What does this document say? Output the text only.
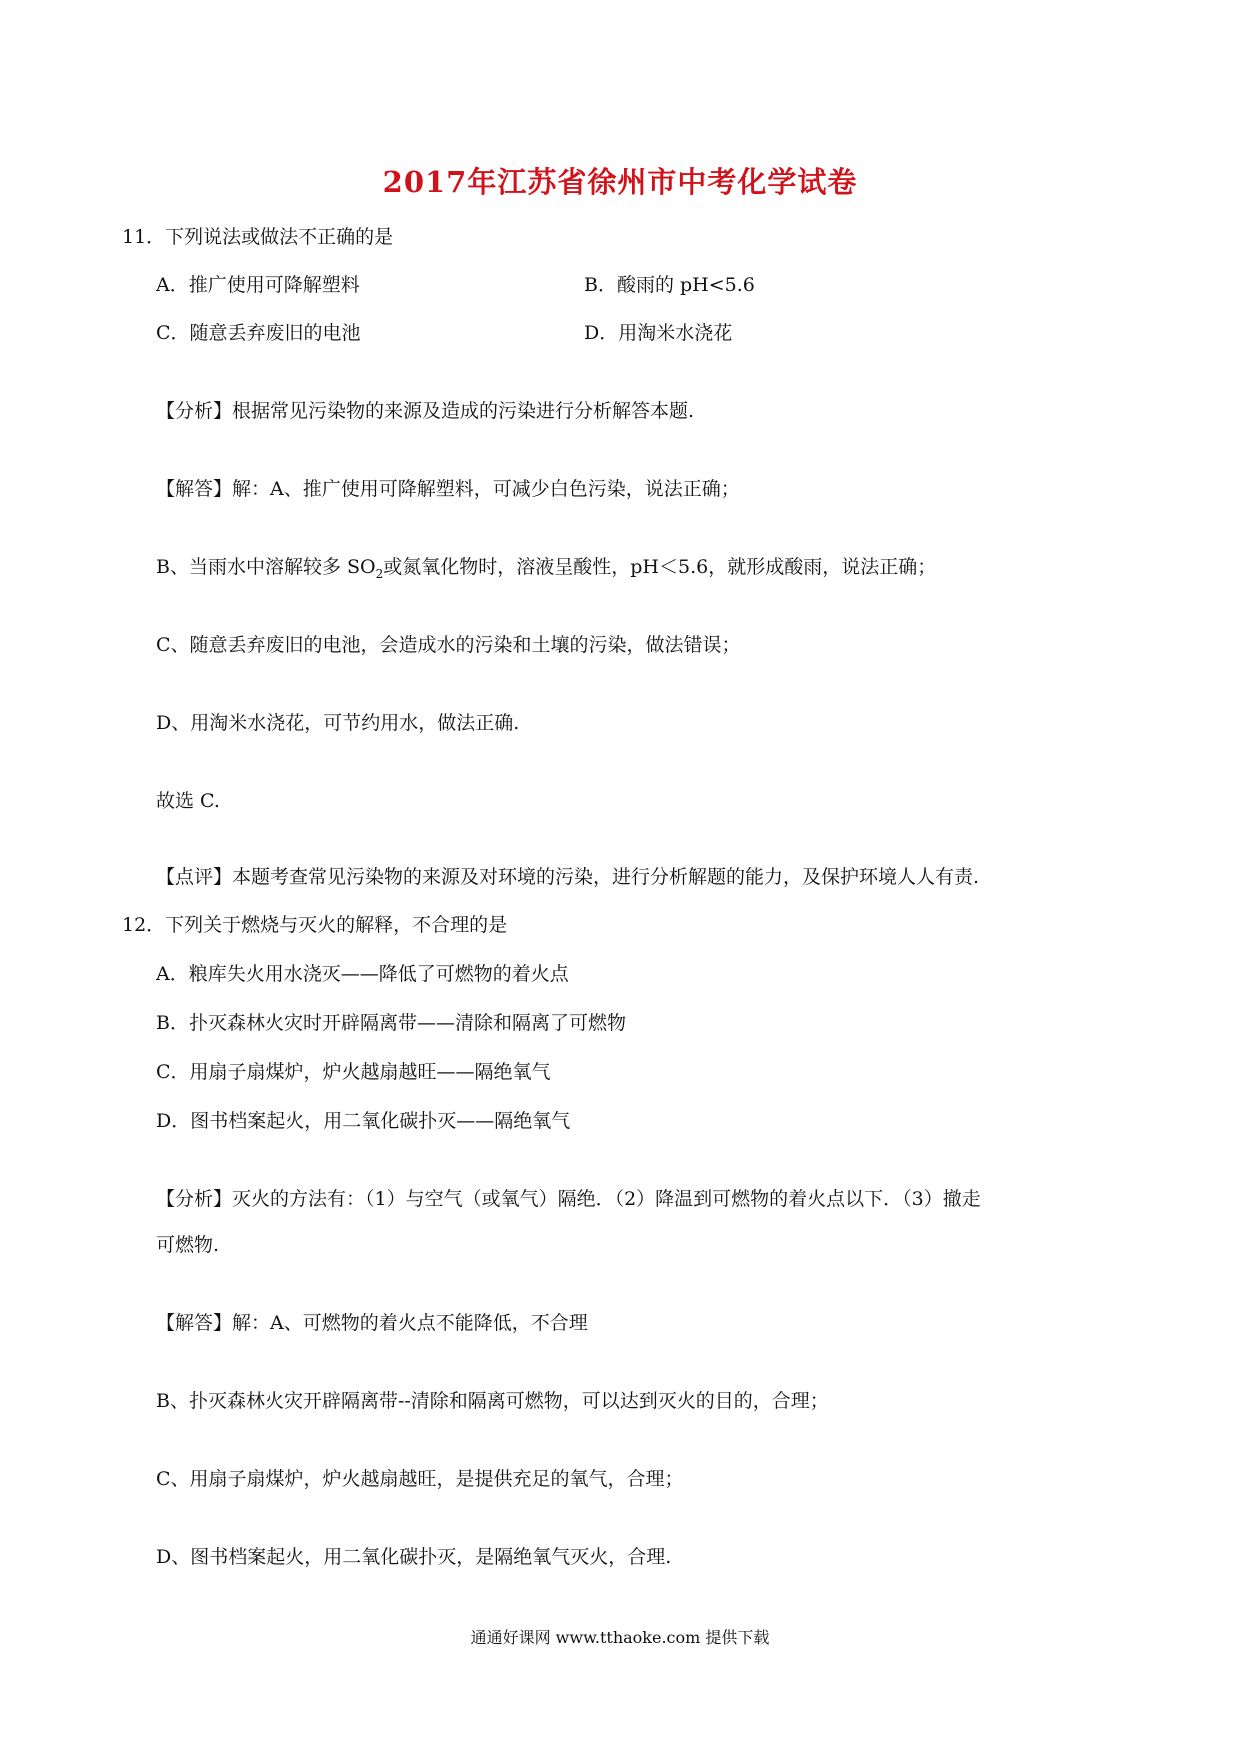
2017年江苏省徐州市中考化学试卷
11．下列说法或做法不正确的是
A．推广使用可降解塑料	B．酸雨的 pH<5.6
C．随意丢弃废旧的电池	D．用淘米水浇花
【分析】根据常见污染物的来源及造成的污染进行分析解答本题.
【解答】解：A、推广使用可降解塑料，可减少白色污染，说法正确；
B、当雨水中溶解较多 $SO_2$或氮氧化物时，溶液呈酸性，pH＜5.6，就形成酸雨，说法正确；
C、随意丢弃废旧的电池，会造成水的污染和土壤的污染，做法错误；
D、用淘米水浇花，可节约用水，做法正确.
故选 C.
【点评】本题考查常见污染物的来源及对环境的污染，进行分析解题的能力，及保护环境人人有责.
12．下列关于燃烧与灭火的解释，不合理的是
A．粮库失火用水浇灭——降低了可燃物的着火点
B．扑灭森林火灾时开辟隔离带——清除和隔离了可燃物
C．用扇子扇煤炉，炉火越扇越旺——隔绝氧气
D．图书档案起火，用二氧化碳扑灭——隔绝氧气
【分析】灭火的方法有：（1）与空气（或氧气）隔绝．（2）降温到可燃物的着火点以下．（3）撤走
可燃物.
【解答】解：A、可燃物的着火点不能降低，不合理
B、扑灭森林火灾开辟隔离带--清除和隔离可燃物，可以达到灭火的目的，合理；
C、用扇子扇煤炉，炉火越扇越旺，是提供充足的氧气，合理；
D、图书档案起火，用二氧化碳扑灭，是隔绝氧气灭火，合理.
通通好课网 www.tthaoke.com 提供下载
